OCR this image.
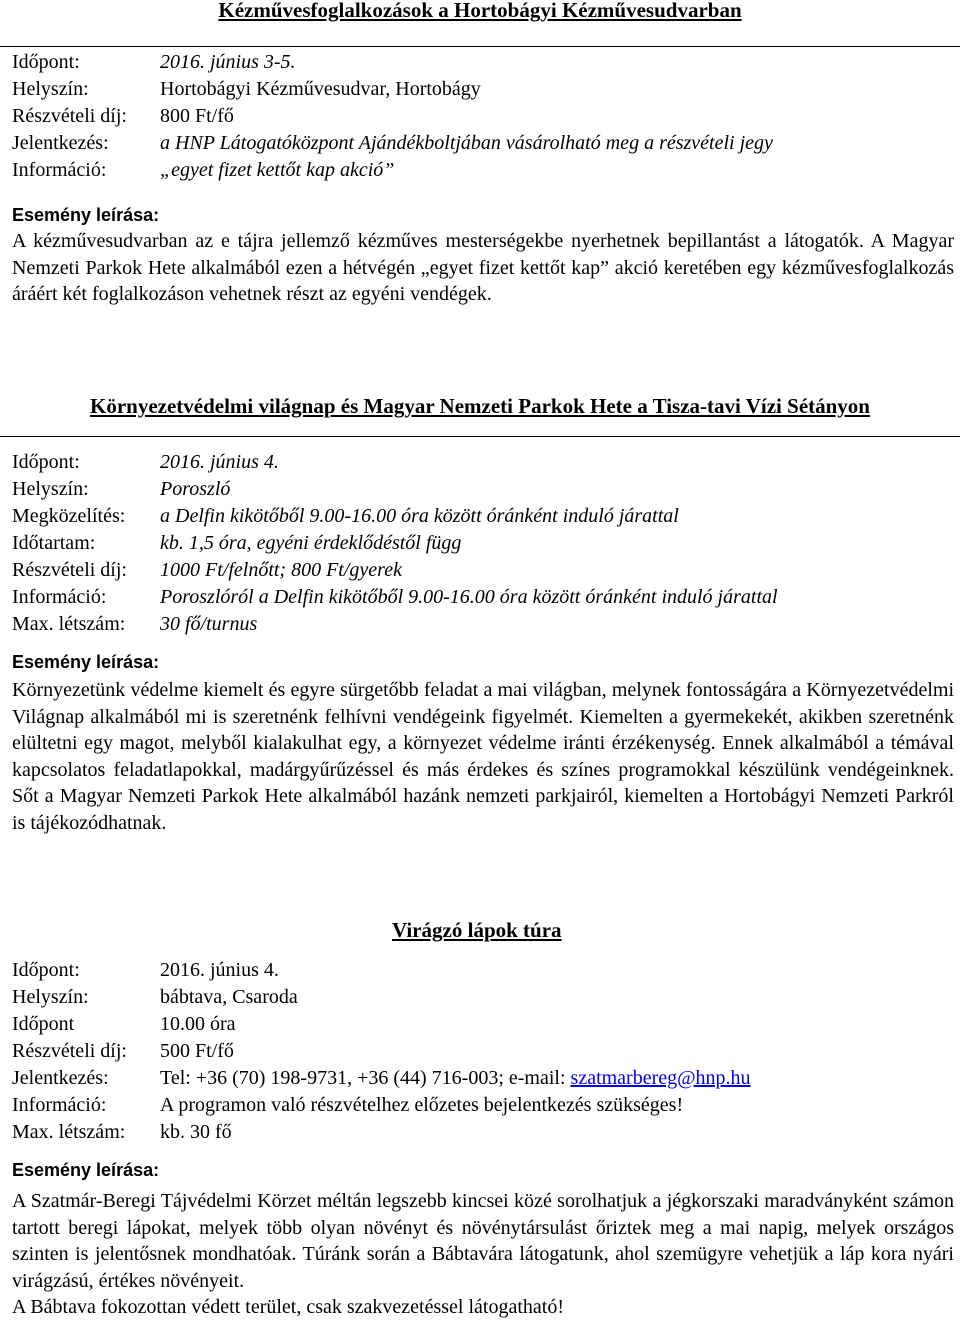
Kézművesfoglalkozások a Hortobágyi Kézművesudvarban
Időpont:	2016. június 3-5.
Helyszín:	Hortobágyi Kézművesudvar, Hortobágy
Részvételi díj:	800 Ft/fő
Jelentkezés:	a HNP Látogatóközpont Ajándékboltjában vásárolható meg a részvételi jegy
Információ:	„egyet fizet kettőt kap akció”
Esemény leírása:

A kézművesudvarban az e tájra jellemző kézműves mesterségekbe nyerhetnek bepillantást a látogatók. A Magyar Nemzeti Parkok Hete alkalmából ezen a hétvégén „egyet fizet kettőt kap” akció keretében egy kézművesfoglalkozás áráért két foglalkozáson vehetnek részt az egyéni vendégek.

Környezetvédelmi világnap és Magyar Nemzeti Parkok Hete a Tisza-tavi Vízi Sétányon
Időpont:	2016. június 4.
Helyszín:	Poroszló
Megközelítés:	a Delfin kikötőből 9.00-16.00 óra között óránként induló járattal
Időtartam:	kb. 1,5 óra, egyéni érdeklődéstől függ
Részvételi díj:	1000 Ft/felnőtt; 800 Ft/gyerek
Információ:	Poroszlóról a Delfin kikötőből 9.00-16.00 óra között óránként induló járattal
Max. létszám:	30 fő/turnus
Esemény leírása:

Környezetünk védelme kiemelt és egyre sürgetőbb feladat a mai világban, melynek fontosságára a Környezetvédelmi Világnap alkalmából mi is szeretnénk felhívni vendégeink figyelmét. Kiemelten a gyermekekét, akikben szeretnénk elültetni egy magot, melyből kialakulhat egy, a környezet védelme iránti érzékenység. Ennek alkalmából a témával kapcsolatos feladatlapokkal, madárgyűrűzéssel és más érdekes és színes programokkal készülünk vendégeinknek. Sőt a Magyar Nemzeti Parkok Hete alkalmából hazánk nemzeti parkjairól, kiemelten a Hortobágyi Nemzeti Parkról is tájékozódhatnak.

Virágzó lápok túra
Időpont:	2016. június 4.
Helyszín:	bábtava, Csaroda
Időpont	10.00 óra
Részvételi díj:	500 Ft/fő
Jelentkezés:	Tel: +36 (70) 198-9731, +36 (44) 716-003; e-mail: szatmarbereg@hnp.hu
Információ:	A programon való részvételhez előzetes bejelentkezés szükséges!
Max. létszám:	kb. 30 fő
Esemény leírása:

A Szatmár-Beregi Tájvédelmi Körzet méltán legszebb kincsei közé sorolhatjuk a jégkorszaki maradványként számon tartott beregi lápokat, melyek több olyan növényt és növénytársulást őriztek meg a mai napig, melyek országos szinten is jelentősnek mondhatóak. Túránk során a Bábtavára látogatunk, ahol szemügyre vehetjük a láp kora nyári virágzású, értékes növényeit.

A Bábtava fokozottan védett terület, csak szakvezetéssel látogatható!
